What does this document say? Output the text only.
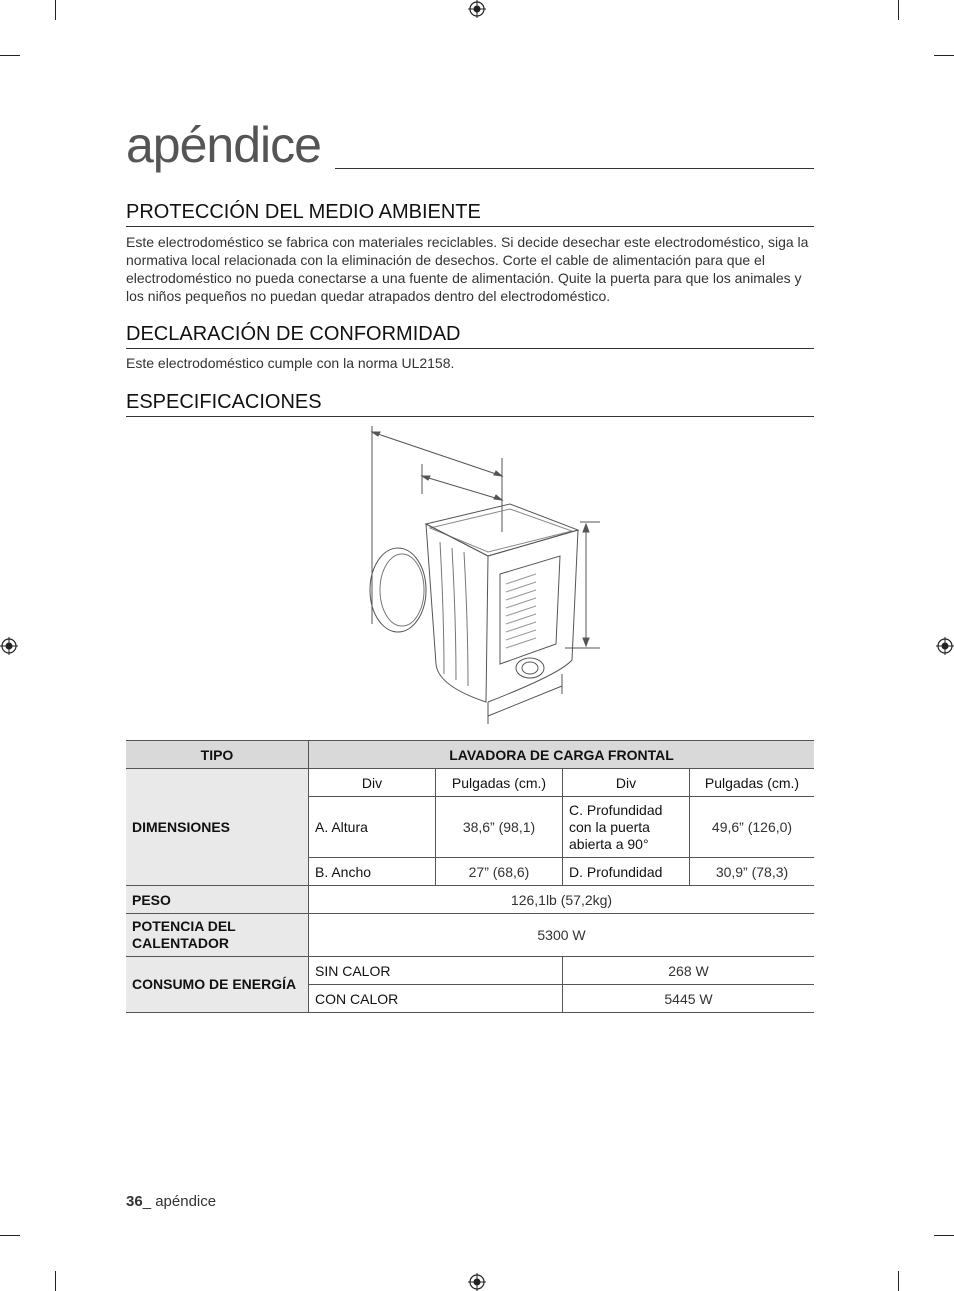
apéndice
PROTECCIÓN DEL MEDIO AMBIENTE
Este electrodoméstico se fabrica con materiales reciclables. Si decide desechar este electrodoméstico, siga la normativa local relacionada con la eliminación de desechos. Corte el cable de alimentación para que el electrodoméstico no pueda conectarse a una fuente de alimentación. Quite la puerta para que los animales y los niños pequeños no puedan quedar atrapados dentro del electrodoméstico.
DECLARACIÓN DE CONFORMIDAD
Este electrodoméstico cumple con la norma UL2158.
ESPECIFICACIONES
TIPO	LAVADORA DE CARGA FRONTAL			
DIMENSIONES	Div	Pulgadas (cm.)	Div	Pulgadas (cm.)
	A. Altura	38,6” (98,1)	C. Profundidad con la puerta abierta a 90°	49,6” (126,0)
	B. Ancho	27” (68,6)	D. Profundidad	30,9” (78,3)
PESO	126,1lb (57,2kg)			
POTENCIA DEL CALENTADOR	5300 W			
CONSUMO DE ENERGÍA	SIN CALOR		268 W	
	CON CALOR		5445 W	
36_ apéndice
